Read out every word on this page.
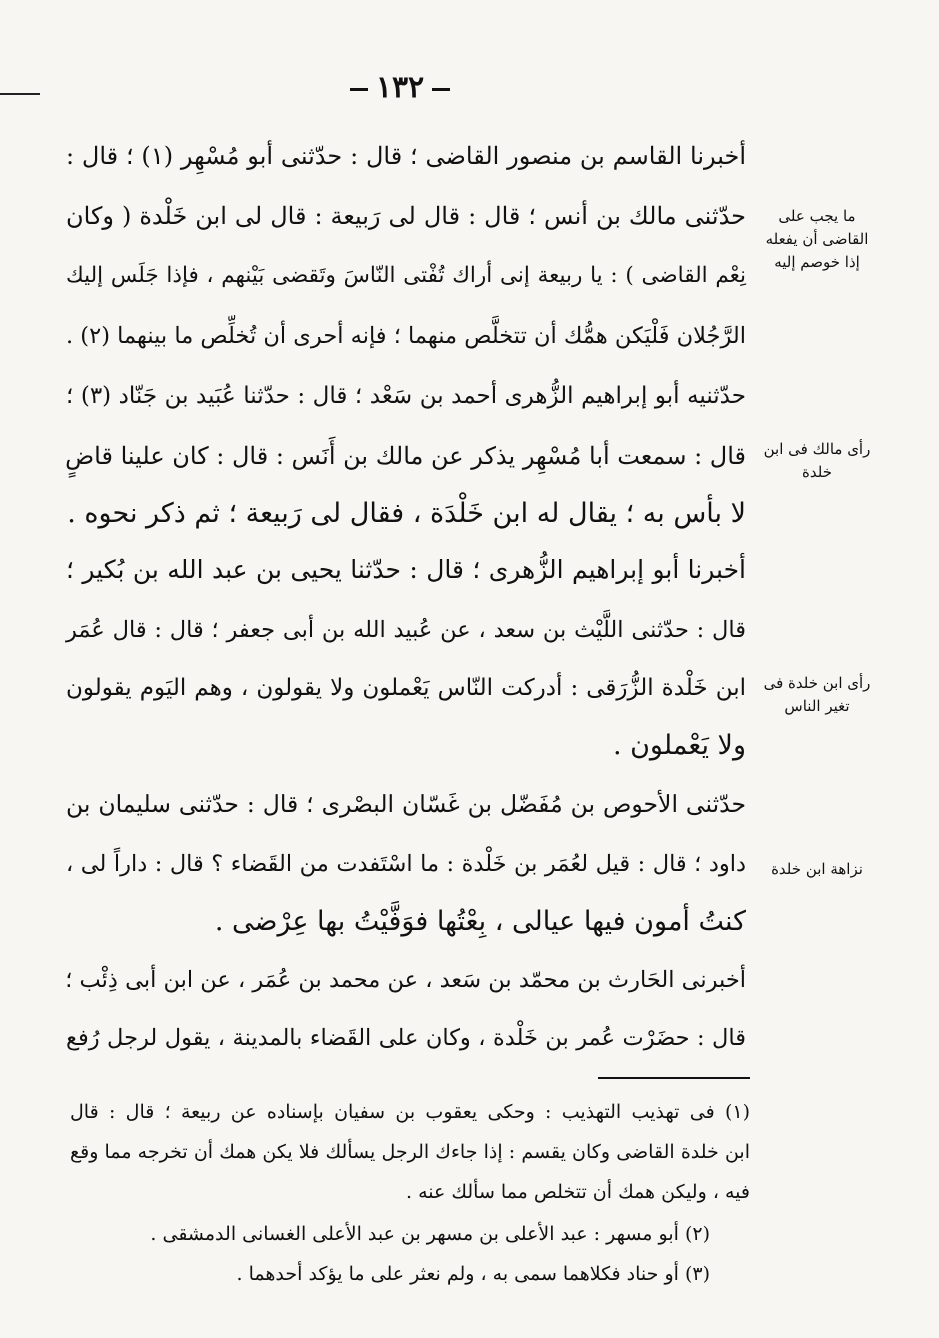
١٣٢
ما يجب على القاضى أن يفعله إذا خوصم إليه
رأى مالك فى ابن خلدة
رأى ابن خلدة فى تغير الناس
نزاهة ابن خلدة
أخبرنا القاسم بن منصور القاضى ؛ قال : حدّثنى أبو مُسْهِر (١) ؛ قال :
حدّثنى مالك بن أنس ؛ قال : قال لى رَبيعة : قال لى ابن خَلْدة ( وكان
نِعْم القاضى ) : يا ربيعة إنى أراك تُفْتى النّاسَ وتَقضى بَيْنهم ، فإذا جَلَس إليك
الرَّجُلان فَلْيَكن همُّك أن تتخلَّص منهما ؛ فإنه أحرى أن تُخلِّص ما بينهما (٢) .
حدّثنيه أبو إبراهيم الزُّهرى أحمد بن سَعْد ؛ قال : حدّثنا عُبَيد بن جَنّاد (٣) ؛
قال : سمعت أبا مُسْهِر يذكر عن مالك بن أَنَس : قال : كان علينا قاضٍ
لا بأس به ؛ يقال له ابن خَلْدَة ، فقال لى رَبيعة ؛ ثم ذكر نحوه .
أخبرنا أبو إبراهيم الزُّهرى ؛ قال : حدّثنا يحيى بن عبد الله بن بُكير ؛
قال : حدّثنى اللَّيْث بن سعد ، عن عُبيد الله بن أبى جعفر ؛ قال : قال عُمَر
ابن خَلْدة الزُّرَقى : أدركت النّاس يَعْملون ولا يقولون ، وهم اليَوم يقولون
ولا يَعْملون .
حدّثنى الأحوص بن مُفَضّل بن غَسّان البصْرى ؛ قال : حدّثنى سليمان بن
داود ؛ قال : قيل لعُمَر بن خَلْدة : ما اسْتَفدت من القَضاء ؟ قال : داراً لى ،
كنتُ أمون فيها عيالى ، بِعْتُها فوَفَّيْتُ بها عِرْضى .
أخبرنى الحَارث بن محمّد بن سَعد ، عن محمد بن عُمَر ، عن ابن أبى ذِئْب ؛
قال : حضَرْت عُمر بن خَلْدة ، وكان على القَضاء بالمدينة ، يقول لرجل رُفع
(١) فى تهذيب التهذيب : وحكى يعقوب بن سفيان بإسناده عن ربيعة ؛ قال : قال
ابن خلدة القاضى وكان يقسم : إذا جاءك الرجل يسألك فلا يكن همك أن تخرجه مما وقع
فيه ، وليكن همك أن تتخلص مما سألك عنه .
(٢) أبو مسهر : عبد الأعلى بن مسهر بن عبد الأعلى الغسانى الدمشقى .
(٣) أو حناد فكلاهما سمى به ، ولم نعثر على ما يؤكد أحدهما .
